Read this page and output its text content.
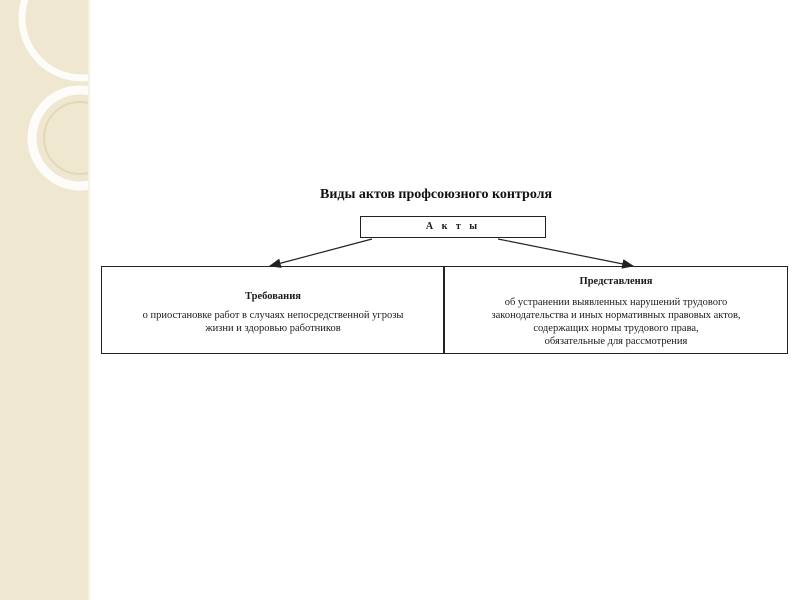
Виды актов профсоюзного контроля
А к т ы
Требования
о приостановке работ в случаях непосредственной угрозы
жизни и здоровью работников
Представления
об устранении выявленных нарушений трудового
законодательства и иных нормативных правовых актов,
содержащих нормы трудового права,
обязательные для рассмотрения
